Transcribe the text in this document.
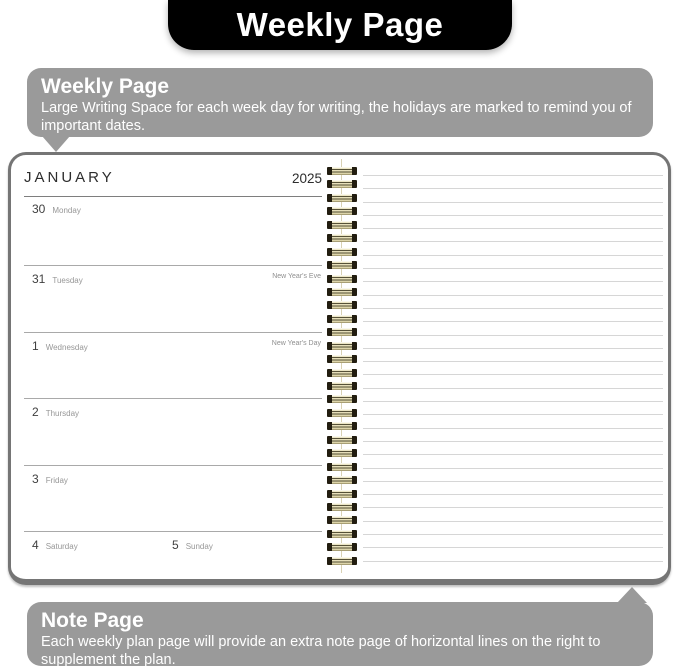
Weekly Page
Weekly Page
Large Writing Space for each week day for writing, the holidays are marked to remind you of important dates.
JANUARY	2025
30 Monday
31 Tuesday	New Year's Eve
1 Wednesday	New Year's Day
2 Thursday
3 Friday
4 Saturday	5 Sunday
Note Page
Each weekly plan page will provide an extra note page of horizontal lines on the right to supplement the plan.
